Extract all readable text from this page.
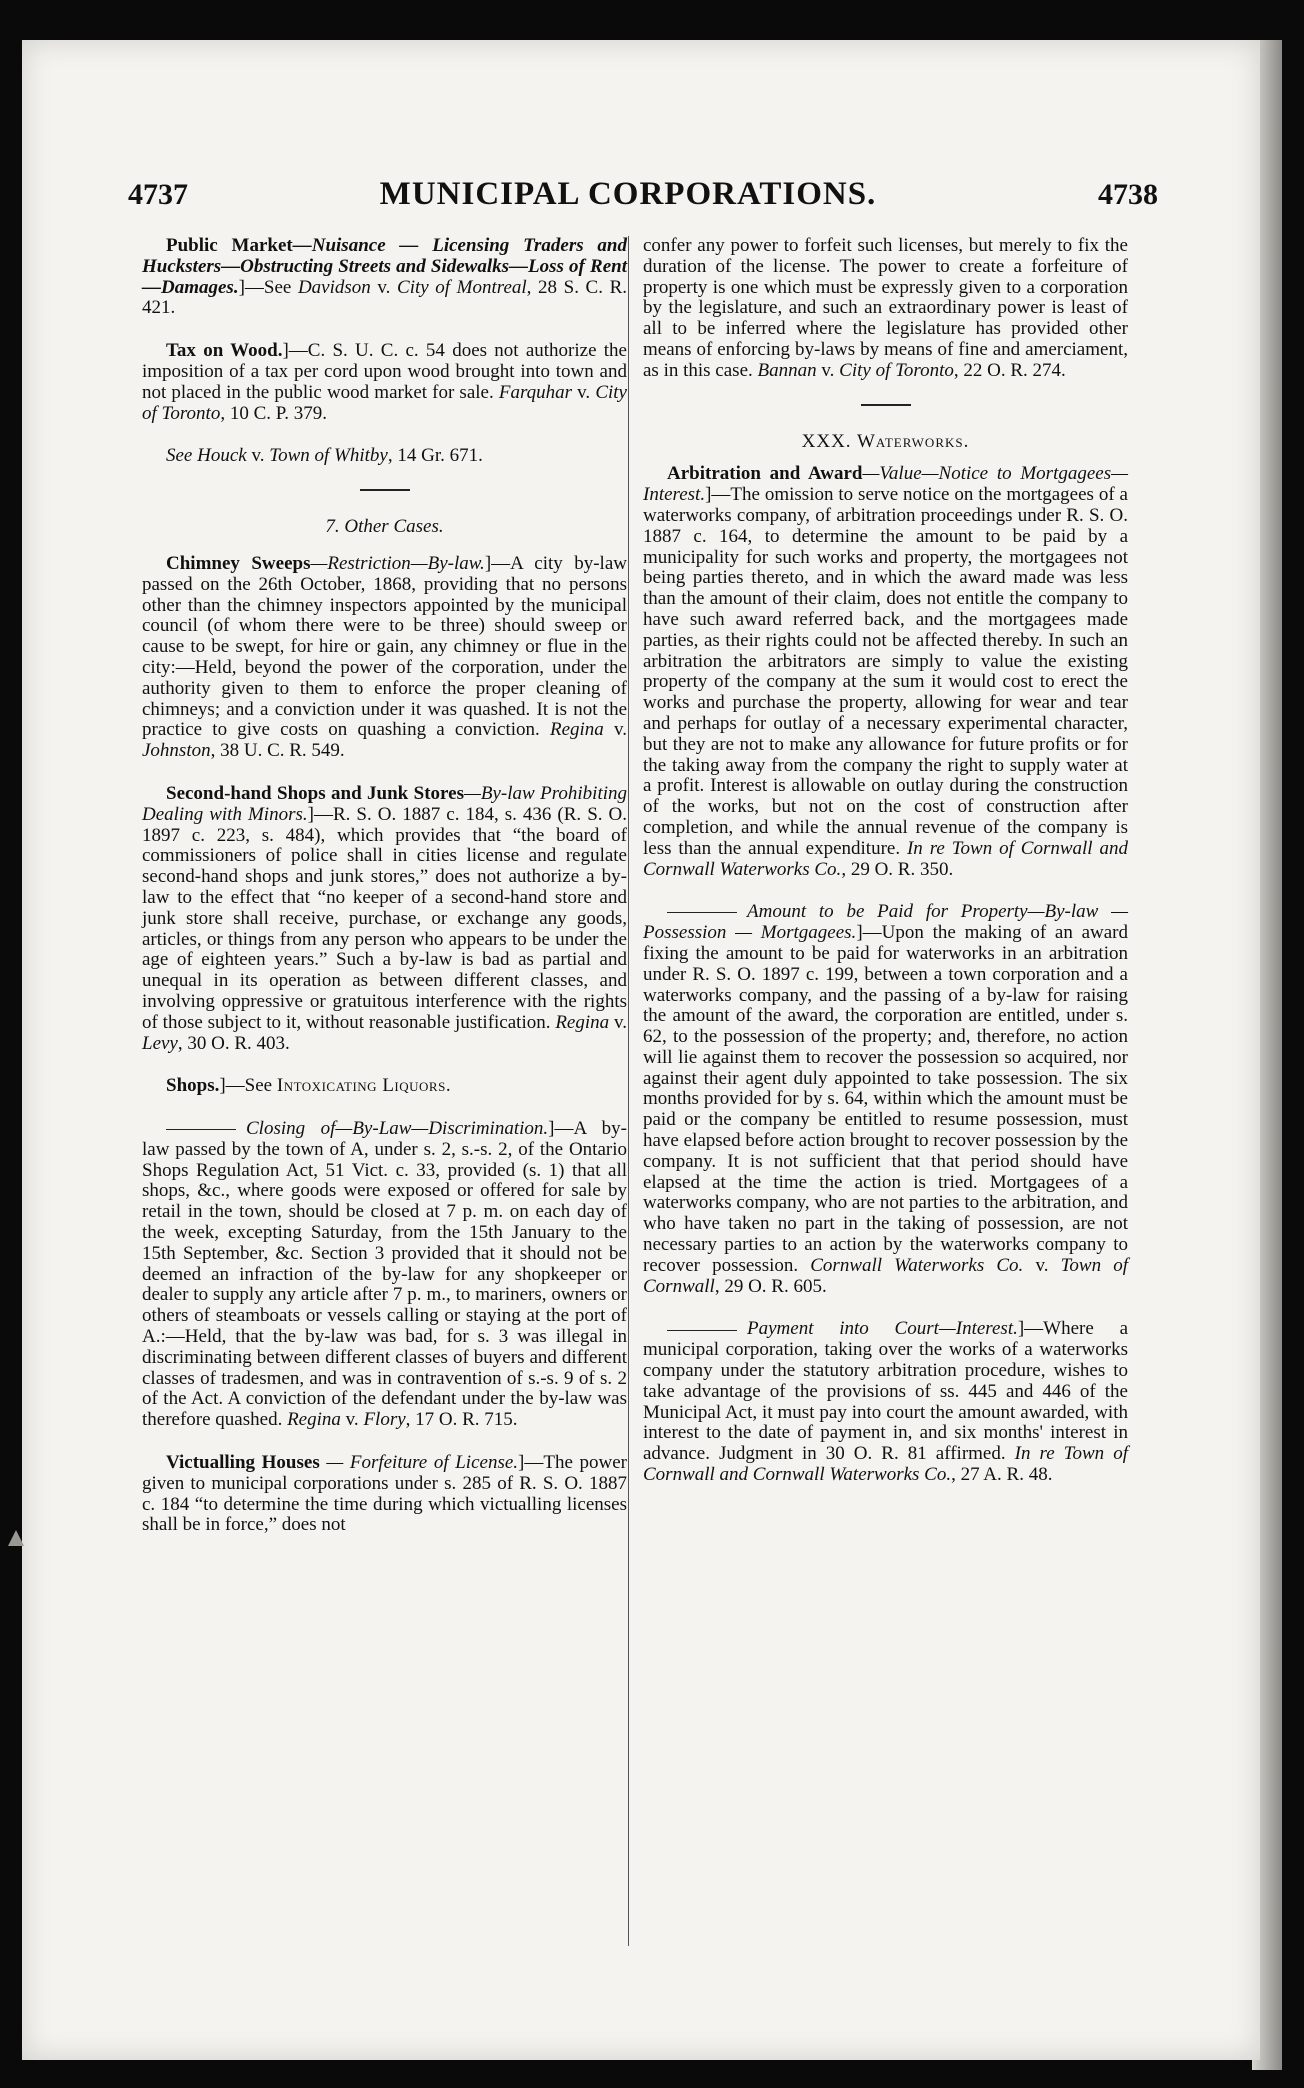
4737	MUNICIPAL CORPORATIONS.	4738

Public Market—Nuisance — Licensing Traders and Hucksters—Obstructing Streets and Sidewalks—Loss of Rent—Damages.]—See Davidson v. City of Montreal, 28 S. C. R. 421.

Tax on Wood.]—C. S. U. C. c. 54 does not authorize the imposition of a tax per cord upon wood brought into town and not placed in the public wood market for sale. Farquhar v. City of Toronto, 10 C. P. 379.

See Houck v. Town of Whitby, 14 Gr. 671.

7. Other Cases.

Chimney Sweeps—Restriction—By-law.]—A city by-law passed on the 26th October, 1868, providing that no persons other than the chimney inspectors appointed by the municipal council (of whom there were to be three) should sweep or cause to be swept, for hire or gain, any chimney or flue in the city:—Held, beyond the power of the corporation, under the authority given to them to enforce the proper cleaning of chimneys; and a conviction under it was quashed. It is not the practice to give costs on quashing a conviction. Regina v. Johnston, 38 U. C. R. 549.

Second-hand Shops and Junk Stores—By-law Prohibiting Dealing with Minors.]—R. S. O. 1887 c. 184, s. 436 (R. S. O. 1897 c. 223, s. 484), which provides that “the board of commissioners of police shall in cities license and regulate second-hand shops and junk stores,” does not authorize a by-law to the effect that “no keeper of a second-hand store and junk store shall receive, purchase, or exchange any goods, articles, or things from any person who appears to be under the age of eighteen years.” Such a by-law is bad as partial and unequal in its operation as between different classes, and involving oppressive or gratuitous interference with the rights of those subject to it, without reasonable justification. Regina v. Levy, 30 O. R. 403.

Shops.]—See Intoxicating Liquors.

Closing of—By-Law—Discrimination.]—A by-law passed by the town of A, under s. 2, s.-s. 2, of the Ontario Shops Regulation Act, 51 Vict. c. 33, provided (s. 1) that all shops, &c., where goods were exposed or offered for sale by retail in the town, should be closed at 7 p. m. on each day of the week, excepting Saturday, from the 15th January to the 15th September, &c. Section 3 provided that it should not be deemed an infraction of the by-law for any shopkeeper or dealer to supply any article after 7 p. m., to mariners, owners or others of steamboats or vessels calling or staying at the port of A.:—Held, that the by-law was bad, for s. 3 was illegal in discriminating between different classes of buyers and different classes of tradesmen, and was in contravention of s.-s. 9 of s. 2 of the Act. A conviction of the defendant under the by-law was therefore quashed. Regina v. Flory, 17 O. R. 715.

Victualling Houses — Forfeiture of License.]—The power given to municipal corporations under s. 285 of R. S. O. 1887 c. 184 “to determine the time during which victualling licenses shall be in force,” does not

confer any power to forfeit such licenses, but merely to fix the duration of the license. The power to create a forfeiture of property is one which must be expressly given to a corporation by the legislature, and such an extraordinary power is least of all to be inferred where the legislature has provided other means of enforcing by-laws by means of fine and amerciament, as in this case. Bannan v. City of Toronto, 22 O. R. 274.

XXX. Waterworks.

Arbitration and Award—Value—Notice to Mortgagees—Interest.]—The omission to serve notice on the mortgagees of a waterworks company, of arbitration proceedings under R. S. O. 1887 c. 164, to determine the amount to be paid by a municipality for such works and property, the mortgagees not being parties thereto, and in which the award made was less than the amount of their claim, does not entitle the company to have such award referred back, and the mortgagees made parties, as their rights could not be affected thereby. In such an arbitration the arbitrators are simply to value the existing property of the company at the sum it would cost to erect the works and purchase the property, allowing for wear and tear and perhaps for outlay of a necessary experimental character, but they are not to make any allowance for future profits or for the taking away from the company the right to supply water at a profit. Interest is allowable on outlay during the construction of the works, but not on the cost of construction after completion, and while the annual revenue of the company is less than the annual expenditure. In re Town of Cornwall and Cornwall Waterworks Co., 29 O. R. 350.

Amount to be Paid for Property—By-law — Possession — Mortgagees.]—Upon the making of an award fixing the amount to be paid for waterworks in an arbitration under R. S. O. 1897 c. 199, between a town corporation and a waterworks company, and the passing of a by-law for raising the amount of the award, the corporation are entitled, under s. 62, to the possession of the property; and, therefore, no action will lie against them to recover the possession so acquired, nor against their agent duly appointed to take possession. The six months provided for by s. 64, within which the amount must be paid or the company be entitled to resume possession, must have elapsed before action brought to recover possession by the company. It is not sufficient that that period should have elapsed at the time the action is tried. Mortgagees of a waterworks company, who are not parties to the arbitration, and who have taken no part in the taking of possession, are not necessary parties to an action by the waterworks company to recover possession. Cornwall Waterworks Co. v. Town of Cornwall, 29 O. R. 605.

Payment into Court—Interest.]—Where a municipal corporation, taking over the works of a waterworks company under the statutory arbitration procedure, wishes to take advantage of the provisions of ss. 445 and 446 of the Municipal Act, it must pay into court the amount awarded, with interest to the date of payment in, and six months' interest in advance. Judgment in 30 O. R. 81 affirmed. In re Town of Cornwall and Cornwall Waterworks Co., 27 A. R. 48.
